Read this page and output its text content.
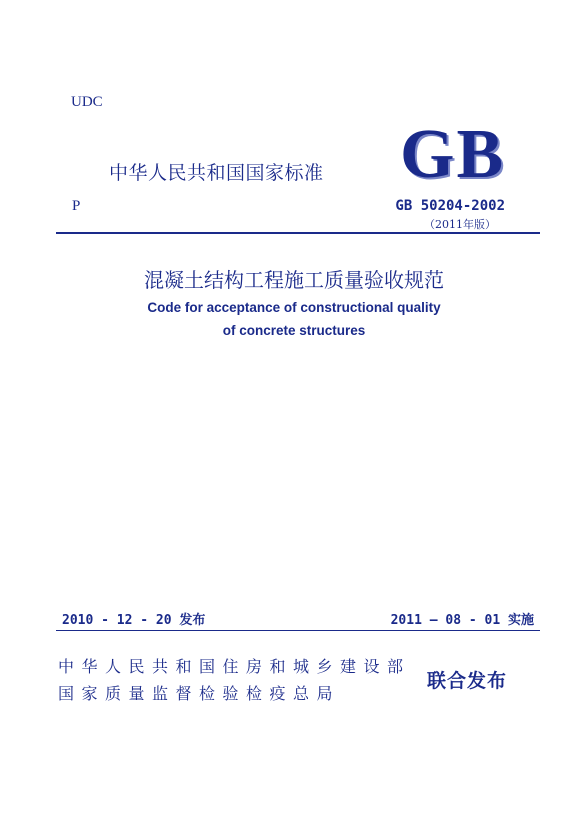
UDC
中华人民共和国国家标准 GB
P	GB 50204-2002
（2011年版）
混凝土结构工程施工质量验收规范
Code for acceptance of constructional quality
of concrete structures
2010 - 12 - 20 发布	2011 – 08 - 01 实施
中华人民共和国住房和城乡建设部
国家质量监督检验检疫总局
联合发布
